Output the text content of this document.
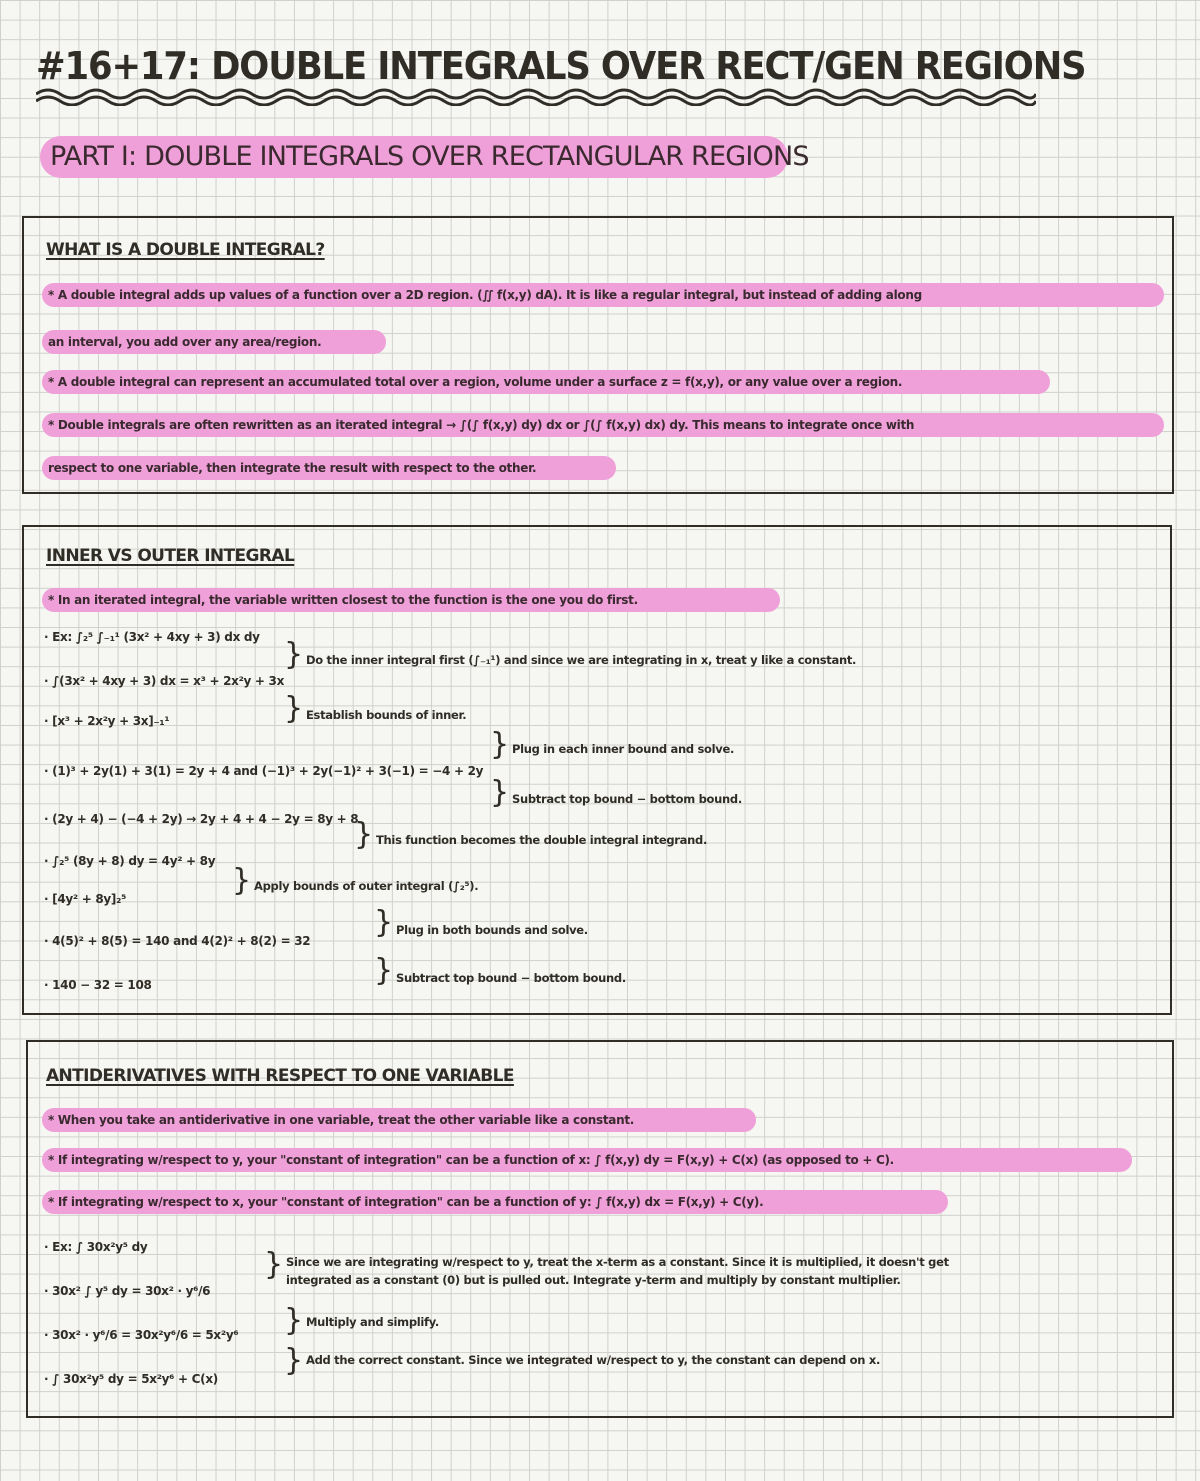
#16+17: DOUBLE INTEGRALS OVER RECT/GEN REGIONS
PART I: DOUBLE INTEGRALS OVER RECTANGULAR REGIONS
WHAT IS A DOUBLE INTEGRAL?
* A double integral adds up values of a function over a 2D region. (∬ f(x,y) dA). It is like a regular integral, but instead of adding along
an interval, you add over any area/region.
* A double integral can represent an accumulated total over a region, volume under a surface z = f(x,y), or any value over a region.
* Double integrals are often rewritten as an iterated integral → ∫(∫ f(x,y) dy) dx or ∫(∫ f(x,y) dx) dy. This means to integrate once with
respect to one variable, then integrate the result with respect to the other.
INNER VS OUTER INTEGRAL
* In an iterated integral, the variable written closest to the function is the one you do first.
· Ex: ∫₂⁵ ∫₋₁¹ (3x² + 4xy + 3) dx dy
· ∫(3x² + 4xy + 3) dx = x³ + 2x²y + 3x
· [x³ + 2x²y + 3x]₋₁¹
· (1)³ + 2y(1) + 3(1) = 2y + 4 and (−1)³ + 2y(−1)² + 3(−1) = −4 + 2y
· (2y + 4) − (−4 + 2y) → 2y + 4 + 4 − 2y = 8y + 8
· ∫₂⁵ (8y + 8) dy = 4y² + 8y
· [4y² + 8y]₂⁵
· 4(5)² + 8(5) = 140 and 4(2)² + 8(2) = 32
· 140 − 32 = 108
} Do the inner integral first (∫₋₁¹) and since we are integrating in x, treat y like a constant.
} Establish bounds of inner.
} Plug in each inner bound and solve.
} Subtract top bound − bottom bound.
} This function becomes the double integral integrand.
} Apply bounds of outer integral (∫₂⁵).
} Plug in both bounds and solve.
} Subtract top bound − bottom bound.
ANTIDERIVATIVES WITH RESPECT TO ONE VARIABLE
* When you take an antiderivative in one variable, treat the other variable like a constant.
* If integrating w/respect to y, your "constant of integration" can be a function of x: ∫ f(x,y) dy = F(x,y) + C(x) (as opposed to + C).
* If integrating w/respect to x, your "constant of integration" can be a function of y: ∫ f(x,y) dx = F(x,y) + C(y).
· Ex: ∫ 30x²y⁵ dy
· 30x² ∫ y⁵ dy = 30x² · y⁶/6
· 30x² · y⁶/6 = 30x²y⁶/6 = 5x²y⁶
· ∫ 30x²y⁵ dy = 5x²y⁶ + C(x)
} Since we are integrating w/respect to y, treat the x-term as a constant. Since it is multiplied, it doesn't get
integrated as a constant (0) but is pulled out. Integrate y-term and multiply by constant multiplier.
} Multiply and simplify.
} Add the correct constant. Since we integrated w/respect to y, the constant can depend on x.
